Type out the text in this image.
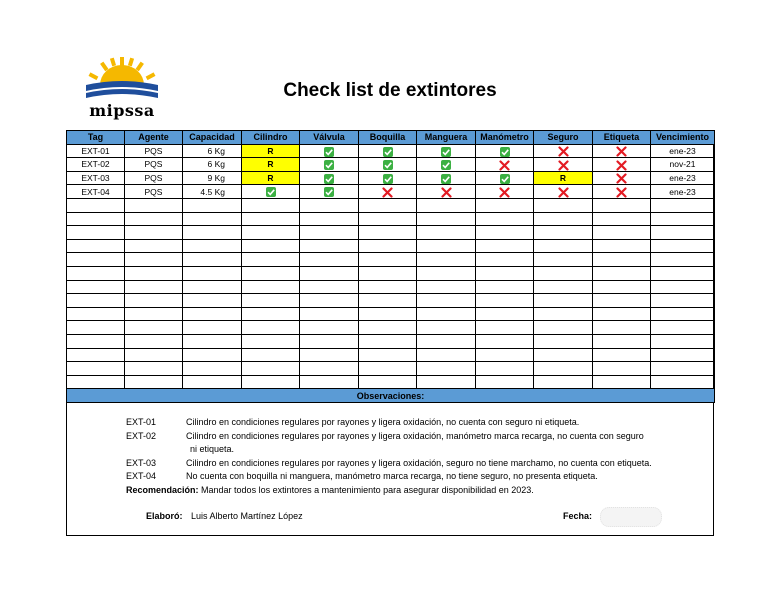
mipssa
Check list de extintores
Tag	Agente	Capacidad	Cilindro	Válvula	Boquilla	Manguera	Manómetro	Seguro	Etiqueta	Vencimiento
EXT-01	PQS	6 Kg	R							ene-23
EXT-02	PQS	6 Kg	R							nov-21
EXT-03	PQS	9 Kg	R					R		ene-23
EXT-04	PQS	4.5 Kg								ene-23

Observaciones:										
EXT-01	Cilindro en condiciones regulares por rayones y ligera oxidación, no cuenta con seguro ni etiqueta.
EXT-02	Cilindro en condiciones regulares por rayones y ligera oxidación, manómetro marca recarga, no cuenta con seguro
ni etiqueta.
EXT-03	Cilindro en condiciones regulares por rayones y ligera oxidación, seguro no tiene marchamo, no cuenta con etiqueta.
EXT-04	No cuenta con boquilla ni manguera, manómetro marca recarga, no tiene seguro, no presenta etiqueta.
Recomendación: Mandar todos los extintores a mantenimiento para asegurar disponibilidad en 2023.
Elaboró: Luis Alberto Martínez López	Fecha:
